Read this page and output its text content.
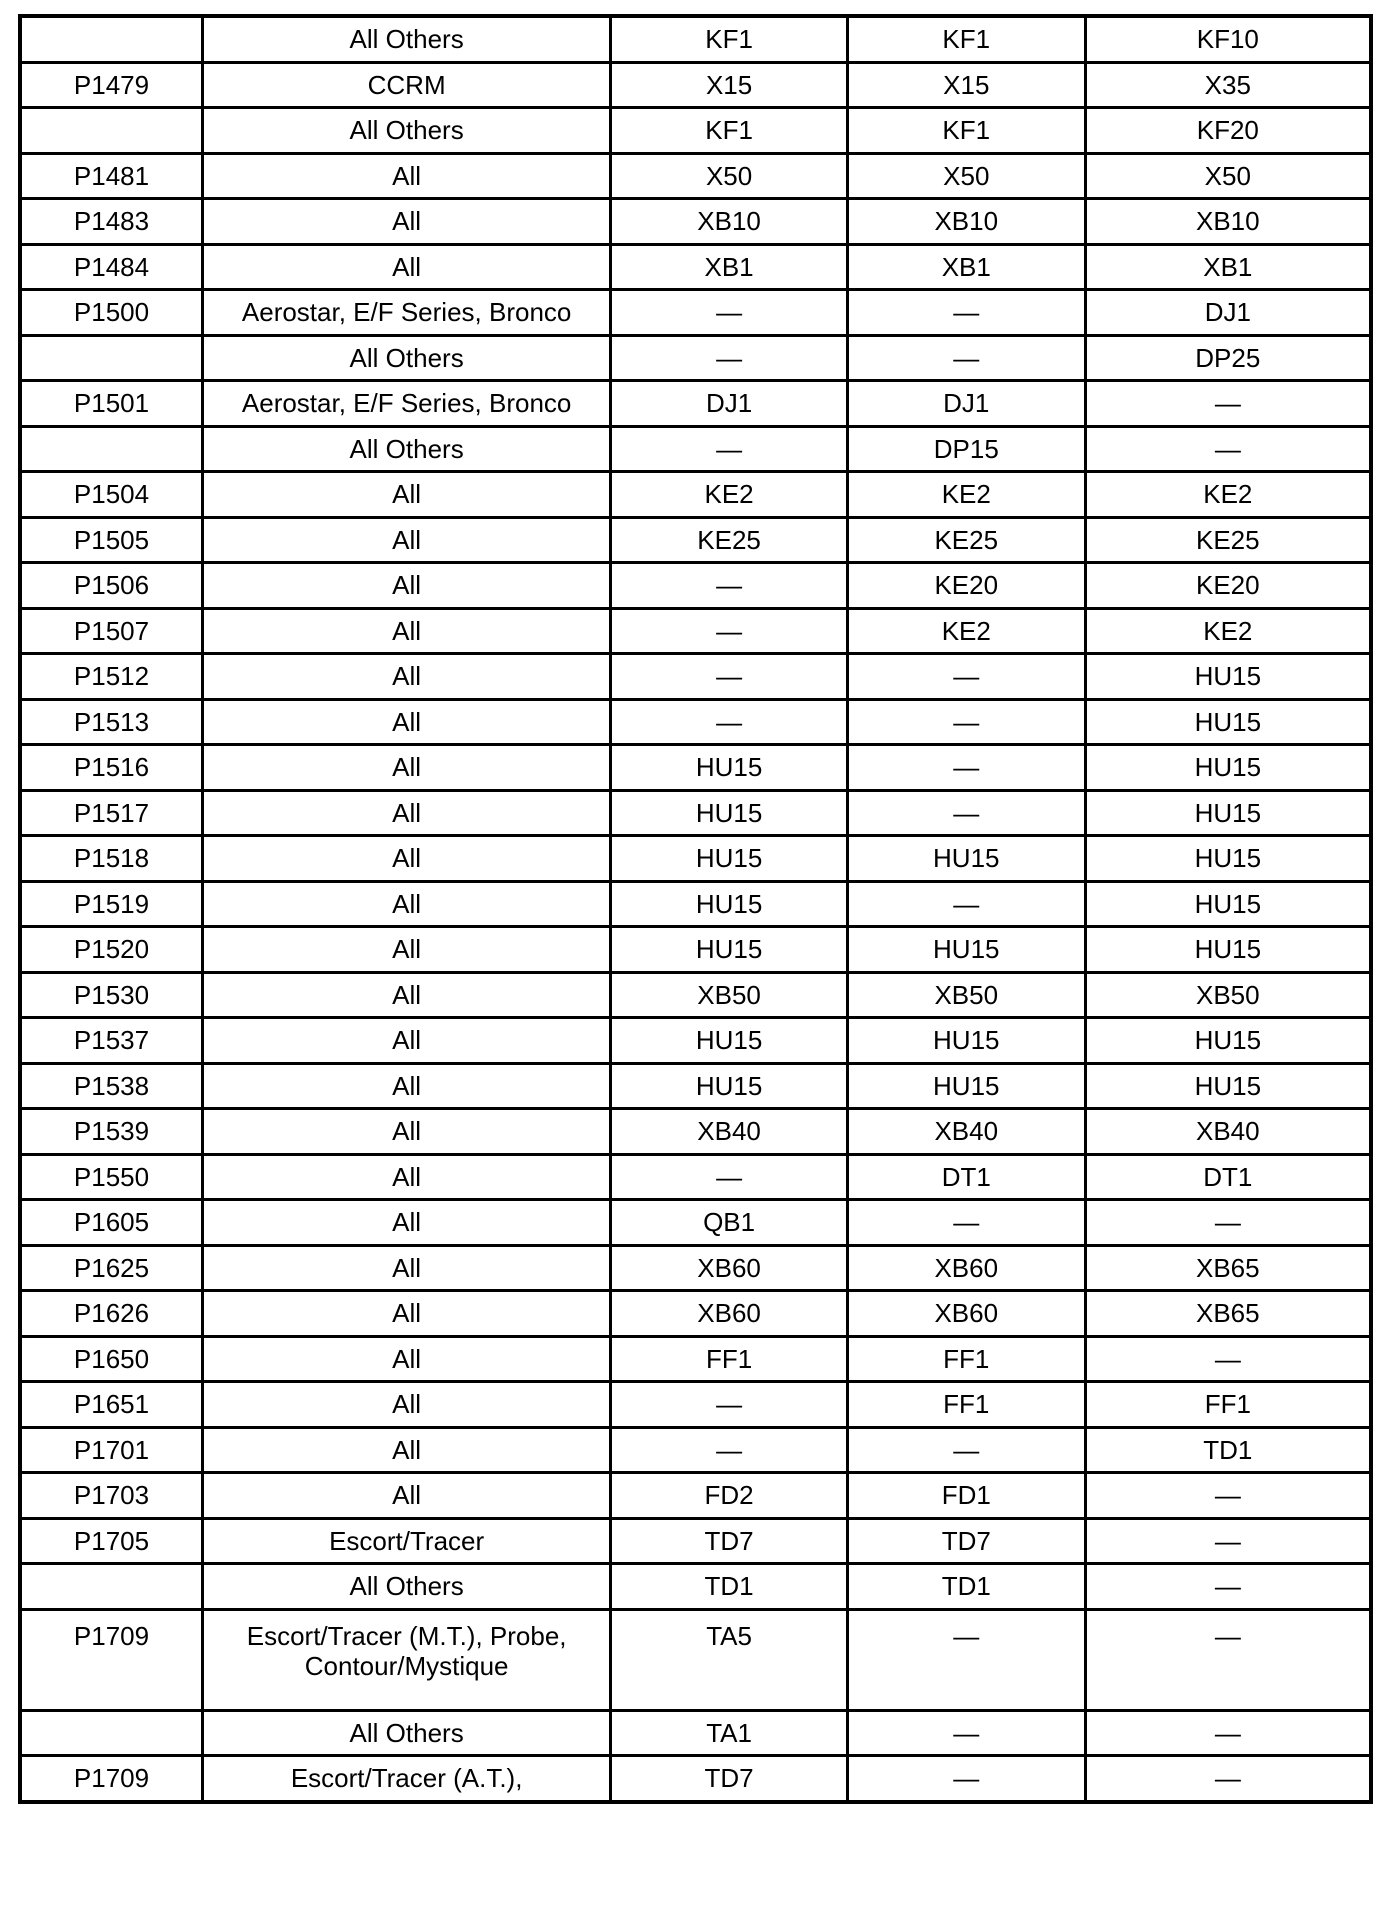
	All Others	KF1	KF1	KF10
P1479	CCRM	X15	X15	X35
	All Others	KF1	KF1	KF20
P1481	All	X50	X50	X50
P1483	All	XB10	XB10	XB10
P1484	All	XB1	XB1	XB1
P1500	Aerostar, E/F Series, Bronco	—	—	DJ1
	All Others	—	—	DP25
P1501	Aerostar, E/F Series, Bronco	DJ1	DJ1	—
	All Others	—	DP15	—
P1504	All	KE2	KE2	KE2
P1505	All	KE25	KE25	KE25
P1506	All	—	KE20	KE20
P1507	All	—	KE2	KE2
P1512	All	—	—	HU15
P1513	All	—	—	HU15
P1516	All	HU15	—	HU15
P1517	All	HU15	—	HU15
P1518	All	HU15	HU15	HU15
P1519	All	HU15	—	HU15
P1520	All	HU15	HU15	HU15
P1530	All	XB50	XB50	XB50
P1537	All	HU15	HU15	HU15
P1538	All	HU15	HU15	HU15
P1539	All	XB40	XB40	XB40
P1550	All	—	DT1	DT1
P1605	All	QB1	—	—
P1625	All	XB60	XB60	XB65
P1626	All	XB60	XB60	XB65
P1650	All	FF1	FF1	—
P1651	All	—	FF1	FF1
P1701	All	—	—	TD1
P1703	All	FD2	FD1	—
P1705	Escort/Tracer	TD7	TD7	—
	All Others	TD1	TD1	—
P1709	Escort/Tracer (M.T.), Probe, Contour/Mystique	TA5	—	—
	All Others	TA1	—	—
P1709	Escort/Tracer (A.T.),	TD7	—	—
